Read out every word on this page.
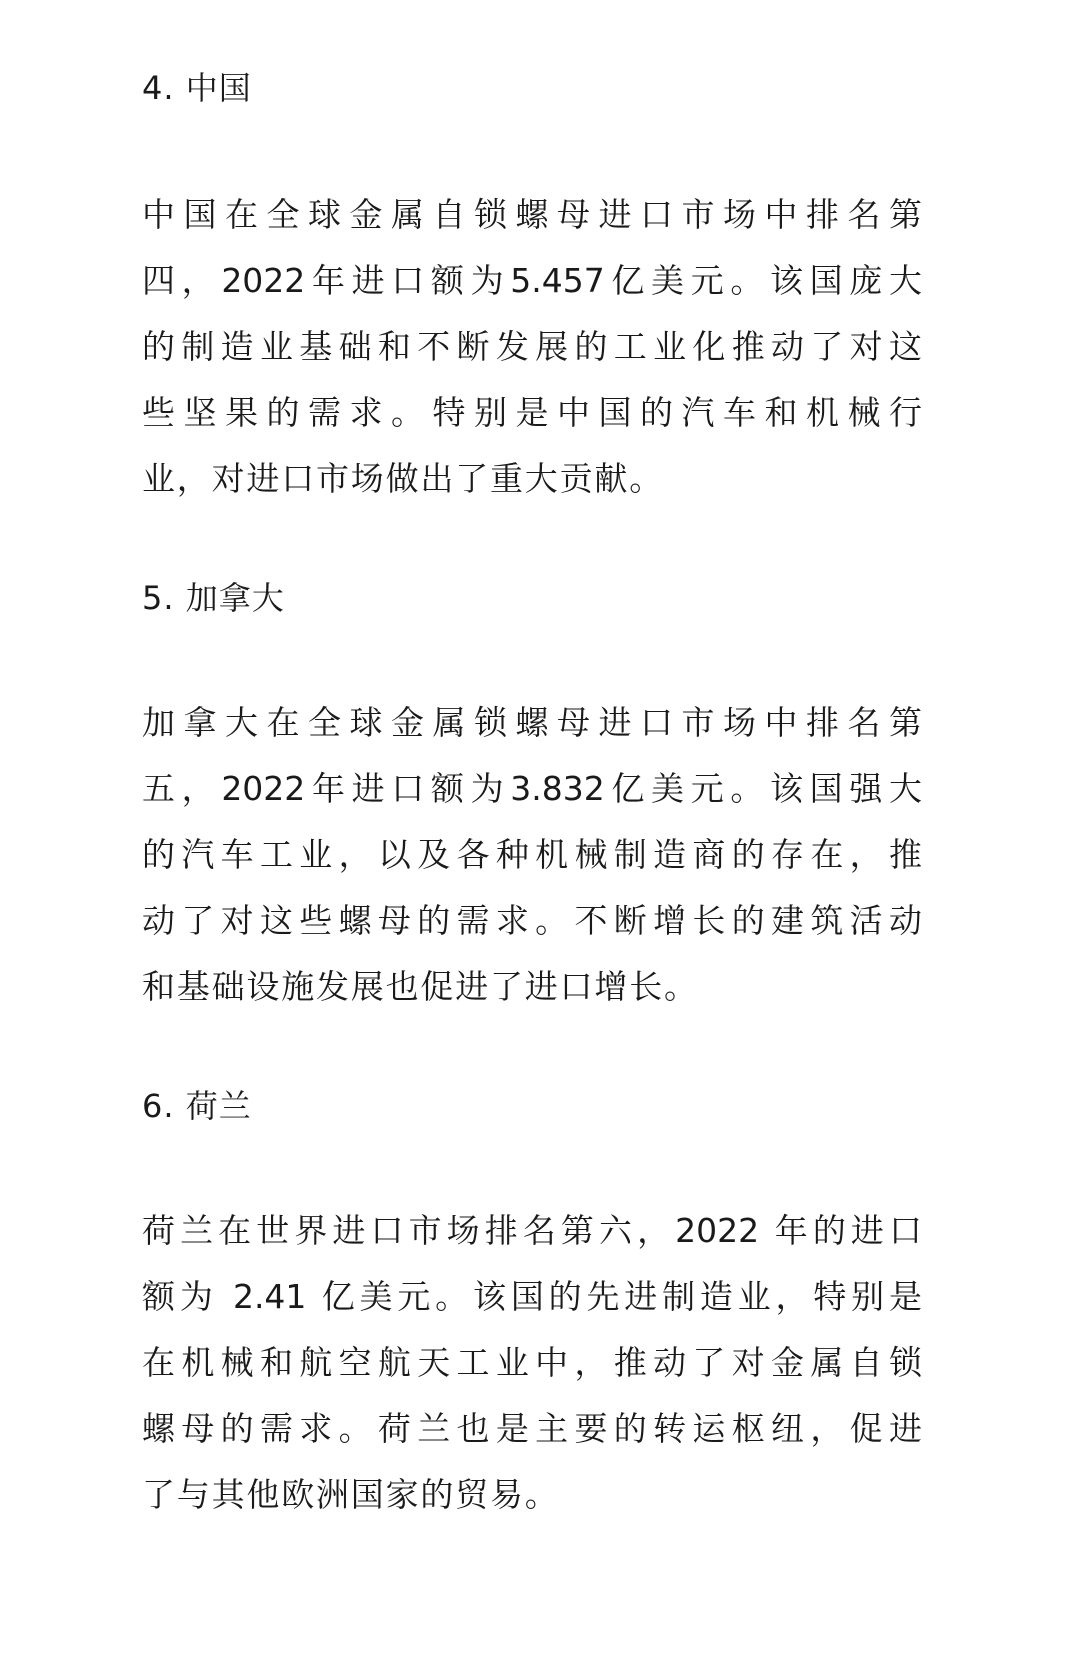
4. 中国
中国在全球金属自锁螺母进口市场中排名第
四，2022年进口额为5.457亿美元。该国庞大
的制造业基础和不断发展的工业化推动了对这
些坚果的需求。特别是中国的汽车和机械行
业，对进口市场做出了重大贡献。
5. 加拿大
加拿大在全球金属锁螺母进口市场中排名第
五，2022年进口额为3.832亿美元。该国强大
的汽车工业，以及各种机械制造商的存在，推
动了对这些螺母的需求。不断增长的建筑活动
和基础设施发展也促进了进口增长。
6. 荷兰
荷兰在世界进口市场排名第六，2022 年的进口
额为 2.41 亿美元。该国的先进制造业，特别是
在机械和航空航天工业中，推动了对金属自锁
螺母的需求。荷兰也是主要的转运枢纽，促进
了与其他欧洲国家的贸易。
